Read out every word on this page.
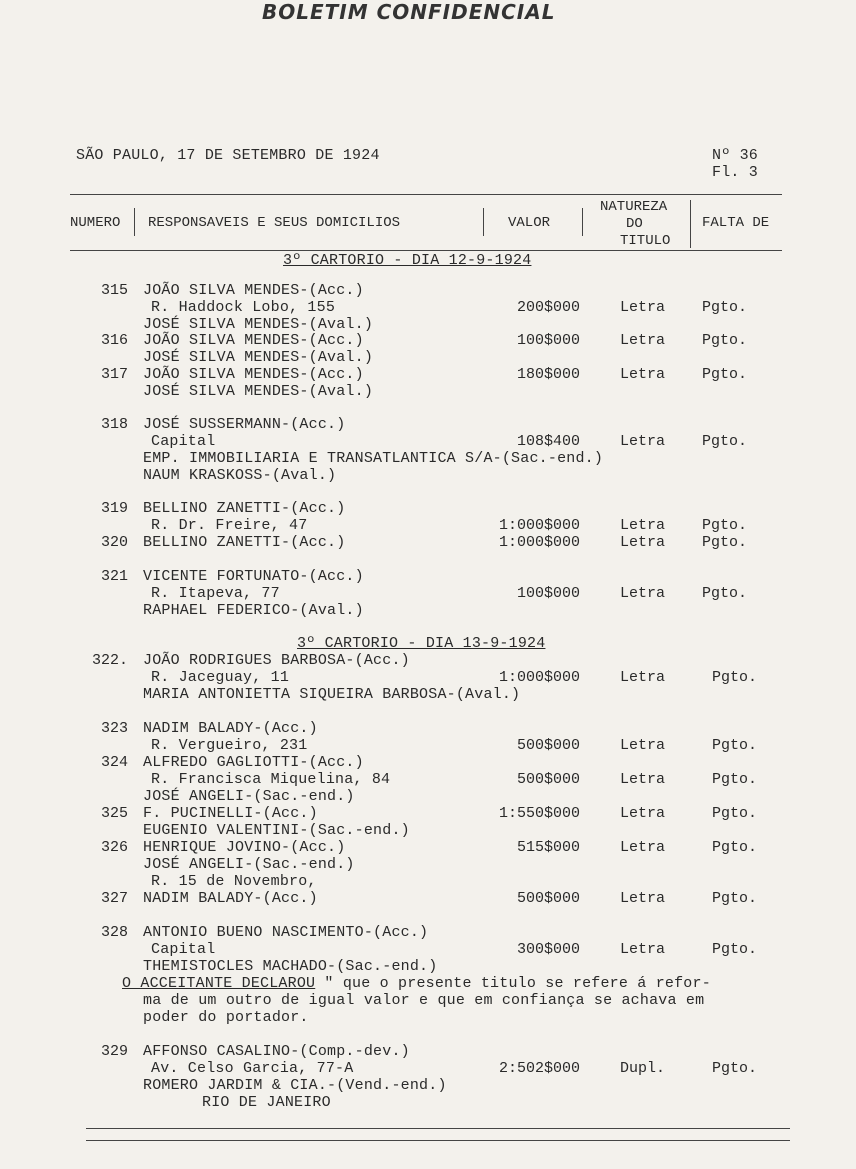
BOLETIM CONFIDENCIAL
SÃO PAULO, 17 DE SETEMBRO DE 1924	Nº 36
Fl. 3
NUMERO RESPONSAVEIS E SEUS DOMICILIOS	VALOR
NATUREZA
DO
TITULO
FALTA DE
3º CARTORIO - DIA 12-9-1924
315 JOÃO SILVA MENDES-(Acc.)
R. Haddock Lobo, 155
JOSÉ SILVA MENDES-(Aval.)
200$000	Letra Pgto.
316 JOÃO SILVA MENDES-(Acc.)
JOSÉ SILVA MENDES-(Aval.)
100$000	Letra Pgto.
317 JOÃO SILVA MENDES-(Acc.)
JOSÉ SILVA MENDES-(Aval.)
180$000	Letra Pgto.
318 JOSÉ SUSSERMANN-(Acc.)
Capital
EMP. IMMOBILIARIA E TRANSATLANTICA S/A-(Sac.-end.)
NAUM KRASKOSS-(Aval.)
108$400	Letra Pgto.
319 BELLINO ZANETTI-(Acc.)
R. Dr. Freire, 47	1:000$000	Letra Pgto.
320 BELLINO ZANETTI-(Acc.)	1:000$000	Letra Pgto.
321 VICENTE FORTUNATO-(Acc.)
R. Itapeva, 77
RAPHAEL FEDERICO-(Aval.)
100$000	Letra Pgto.
3º CARTORIO - DIA 13-9-1924
322. JOÃO RODRIGUES BARBOSA-(Acc.)
R. Jaceguay, 11
MARIA ANTONIETTA SIQUEIRA BARBOSA-(Aval.)
1:000$000	Letra	Pgto.
323 NADIM BALADY-(Acc.)
R. Vergueiro, 231	500$000	Letra	Pgto.
324 ALFREDO GAGLIOTTI-(Acc.)
R. Francisca Miquelina, 84
JOSÉ ANGELI-(Sac.-end.)
500$000	Letra	Pgto.
325 F. PUCINELLI-(Acc.)
EUGENIO VALENTINI-(Sac.-end.)
1:550$000	Letra	Pgto.
326 HENRIQUE JOVINO-(Acc.)
JOSÉ ANGELI-(Sac.-end.)
R. 15 de Novembro,
515$000	Letra	Pgto.
327 NADIM BALADY-(Acc.)	500$000	Letra	Pgto.
328 ANTONIO BUENO NASCIMENTO-(Acc.)
Capital
THEMISTOCLES MACHADO-(Sac.-end.)
300$000	Letra	Pgto.
O ACCEITANTE DECLAROU " que o presente titulo se refere á refor-
ma de um outro de igual valor e que em confiança se achava em
poder do portador.
329 AFFONSO CASALINO-(Comp.-dev.)
Av. Celso Garcia, 77-A
ROMERO JARDIM & CIA.-(Vend.-end.)
RIO DE JANEIRO
2:502$000	Dupl.	Pgto.
